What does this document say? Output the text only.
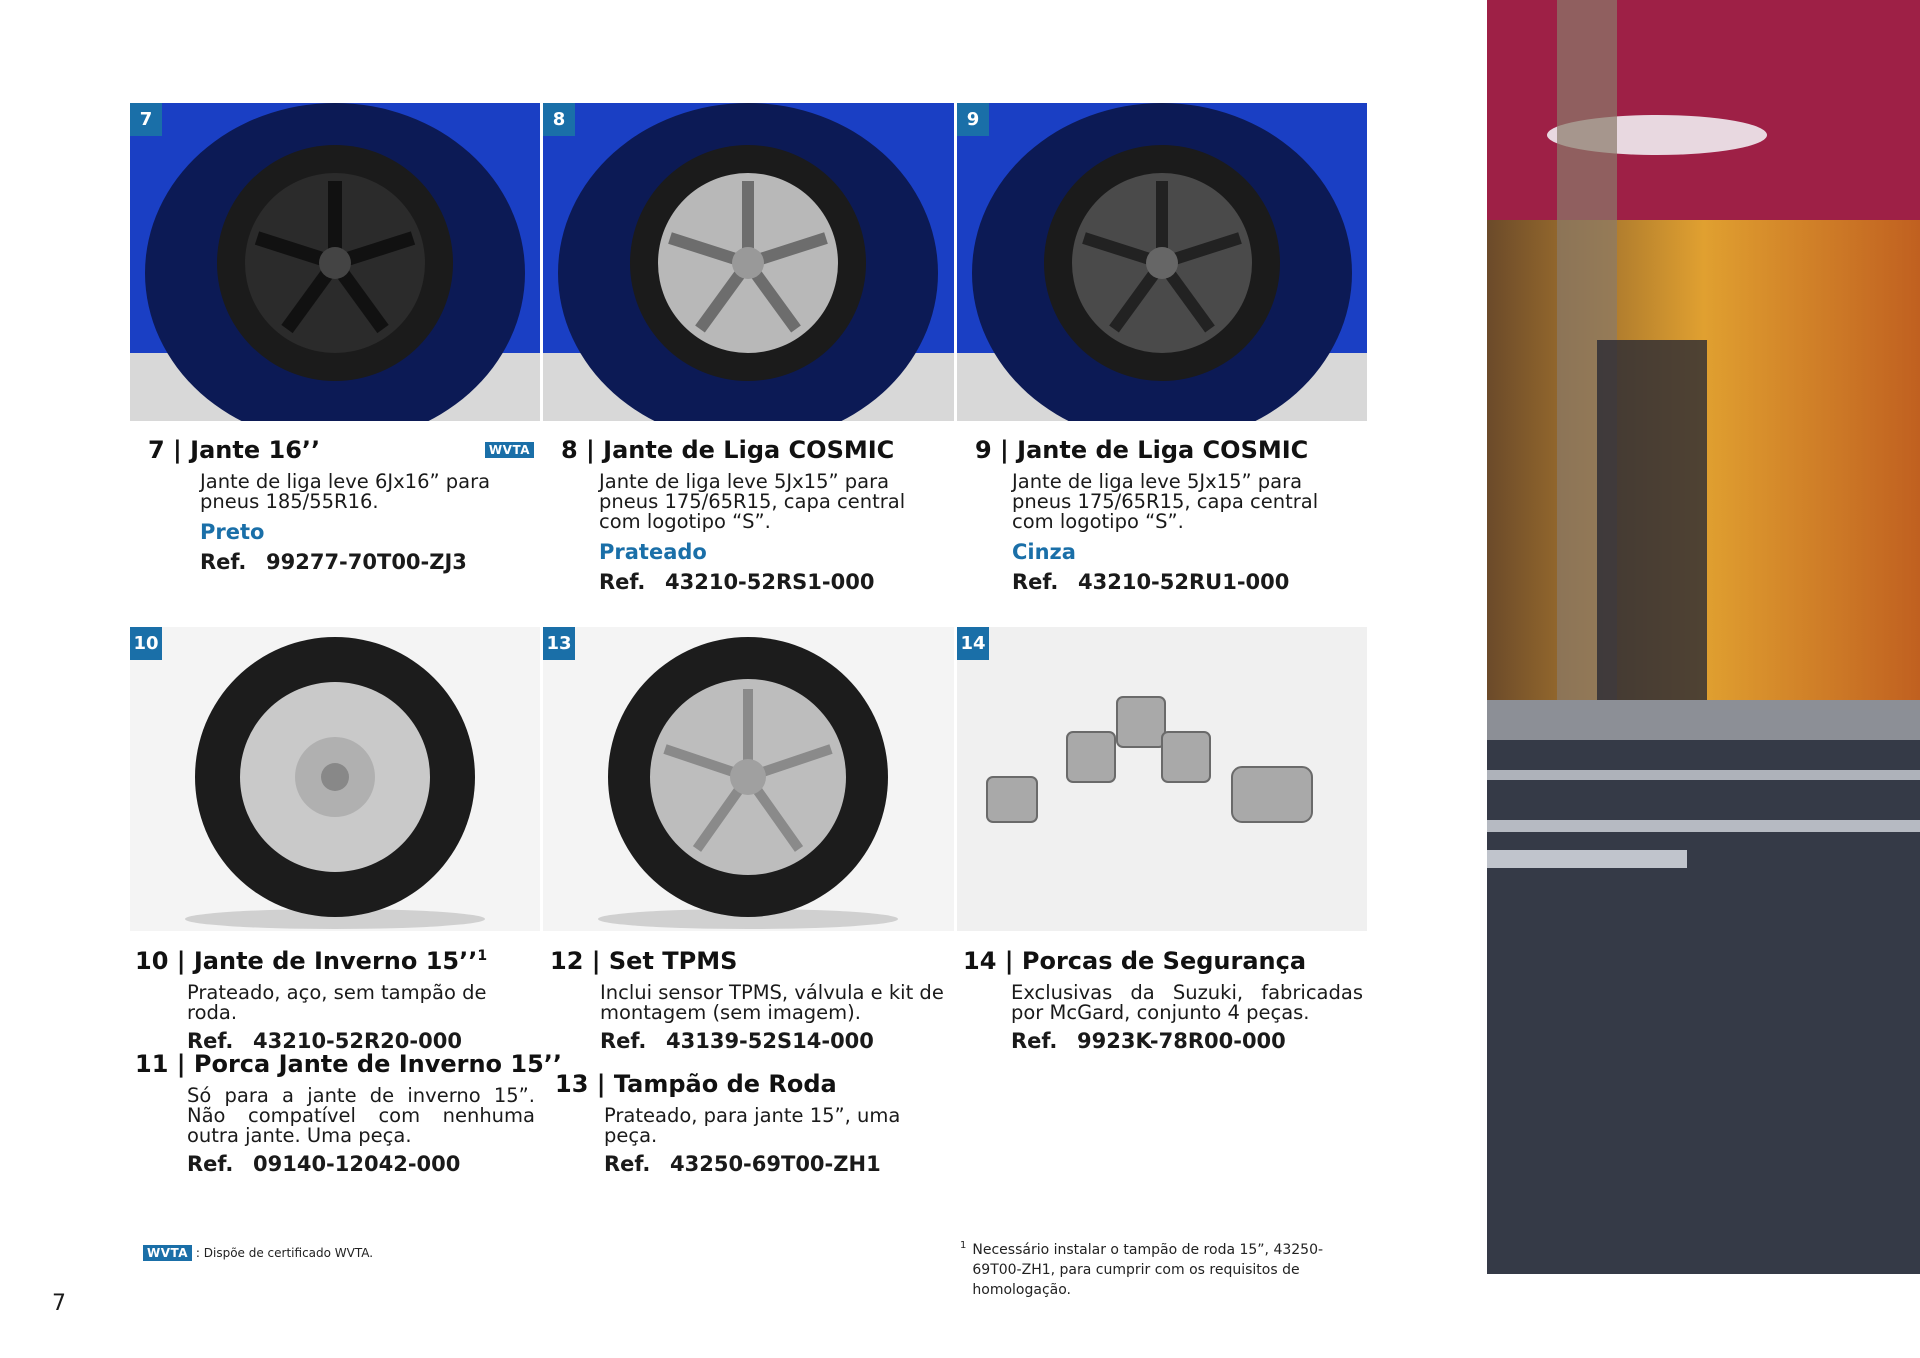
7	8	9
7 | Jante 16’’	WVTA
Jante de liga leve 6Jx16” para pneus 185/55R16.
Preto
Ref. 99277-70T00-ZJ3
8 | Jante de Liga COSMIC
Jante de liga leve 5Jx15” para pneus 175/65R15, capa central com logotipo “S”.
Prateado
Ref. 43210-52RS1-000
9 | Jante de Liga COSMIC
Jante de liga leve 5Jx15” para pneus 175/65R15, capa central com logotipo “S”.
Cinza
Ref. 43210-52RU1-000
10	13	14
10 | Jante de Inverno 15’’$^1$
Prateado, aço, sem tampão de roda.
Ref. 43210-52R20-000
11 | Porca Jante de Inverno 15’’
Só para a jante de inverno 15”. Não compatível com nenhuma outra jante. Uma peça.
Ref. 09140-12042-000
12 | Set TPMS
Inclui sensor TPMS, válvula e kit de montagem (sem imagem).
Ref. 43139-52S14-000
13 | Tampão de Roda
Prateado, para jante 15”, uma peça.
Ref. 43250-69T00-ZH1
14 | Porcas de Segurança
Exclusivas da Suzuki, fabricadas por McGard, conjunto 4 peças.
Ref. 9923K-78R00-000
WVTA : Dispõe de certificado WVTA.
1 Necessário instalar o tampão de roda 15”, 43250-69T00-ZH1, para cumprir com os requisitos de homologação.
7
